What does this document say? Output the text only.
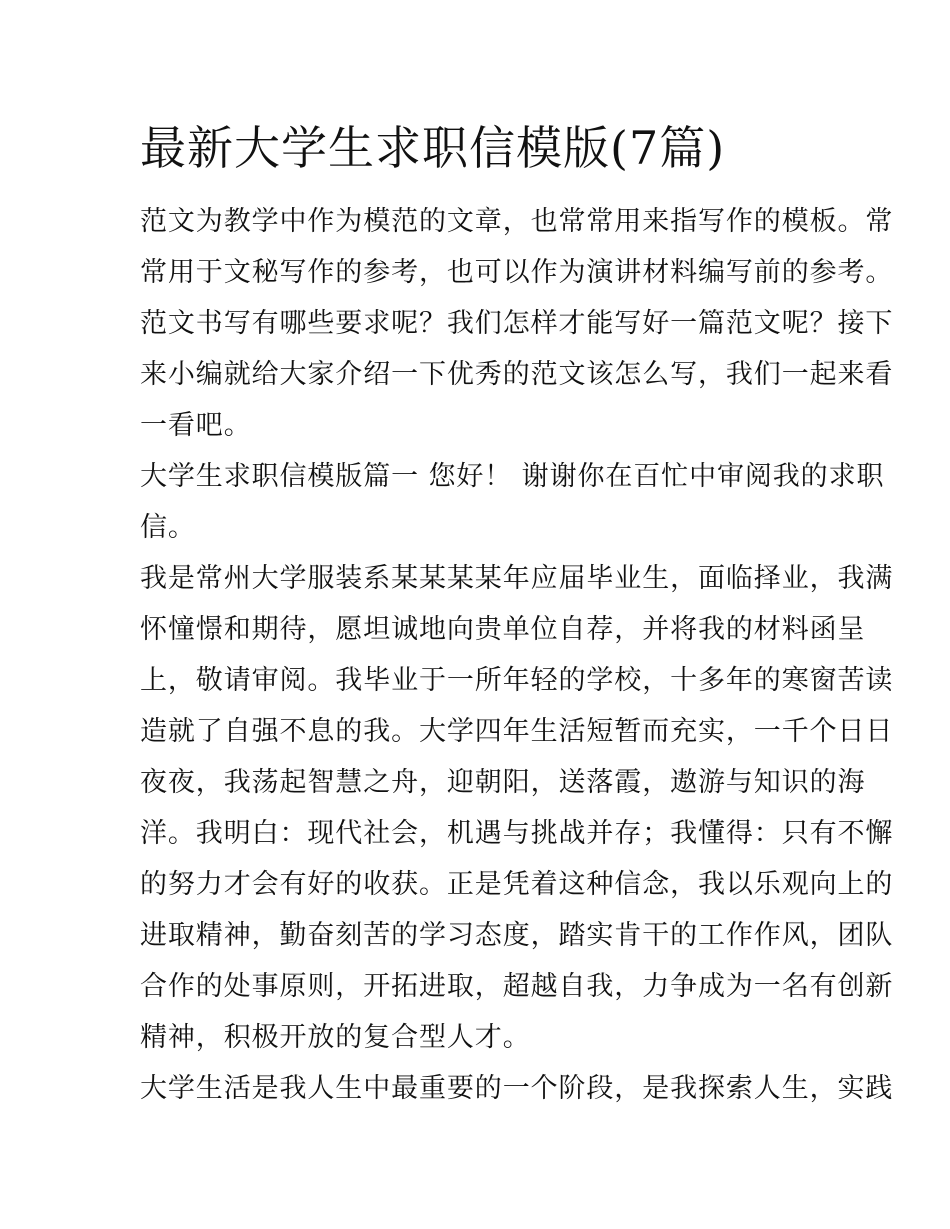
最新大学生求职信模版(7篇)
范文为教学中作为模范的文章，也常常用来指写作的模板。常
常用于文秘写作的参考，也可以作为演讲材料编写前的参考。
范文书写有哪些要求呢？我们怎样才能写好一篇范文呢？接下
来小编就给大家介绍一下优秀的范文该怎么写，我们一起来看
一看吧。
大学生求职信模版篇一 您好！ 谢谢你在百忙中审阅我的求职
信。
我是常州大学服装系某某某某年应届毕业生，面临择业，我满
怀憧憬和期待，愿坦诚地向贵单位自荐，并将我的材料函呈
上，敬请审阅。我毕业于一所年轻的学校，十多年的寒窗苦读
造就了自强不息的我。大学四年生活短暂而充实，一千个日日
夜夜，我荡起智慧之舟，迎朝阳，送落霞，遨游与知识的海
洋。我明白：现代社会，机遇与挑战并存；我懂得：只有不懈
的努力才会有好的收获。正是凭着这种信念，我以乐观向上的
进取精神，勤奋刻苦的学习态度，踏实肯干的工作作风，团队
合作的处事原则，开拓进取，超越自我，力争成为一名有创新
精神，积极开放的复合型人才。
大学生活是我人生中最重要的一个阶段，是我探索人生，实践
